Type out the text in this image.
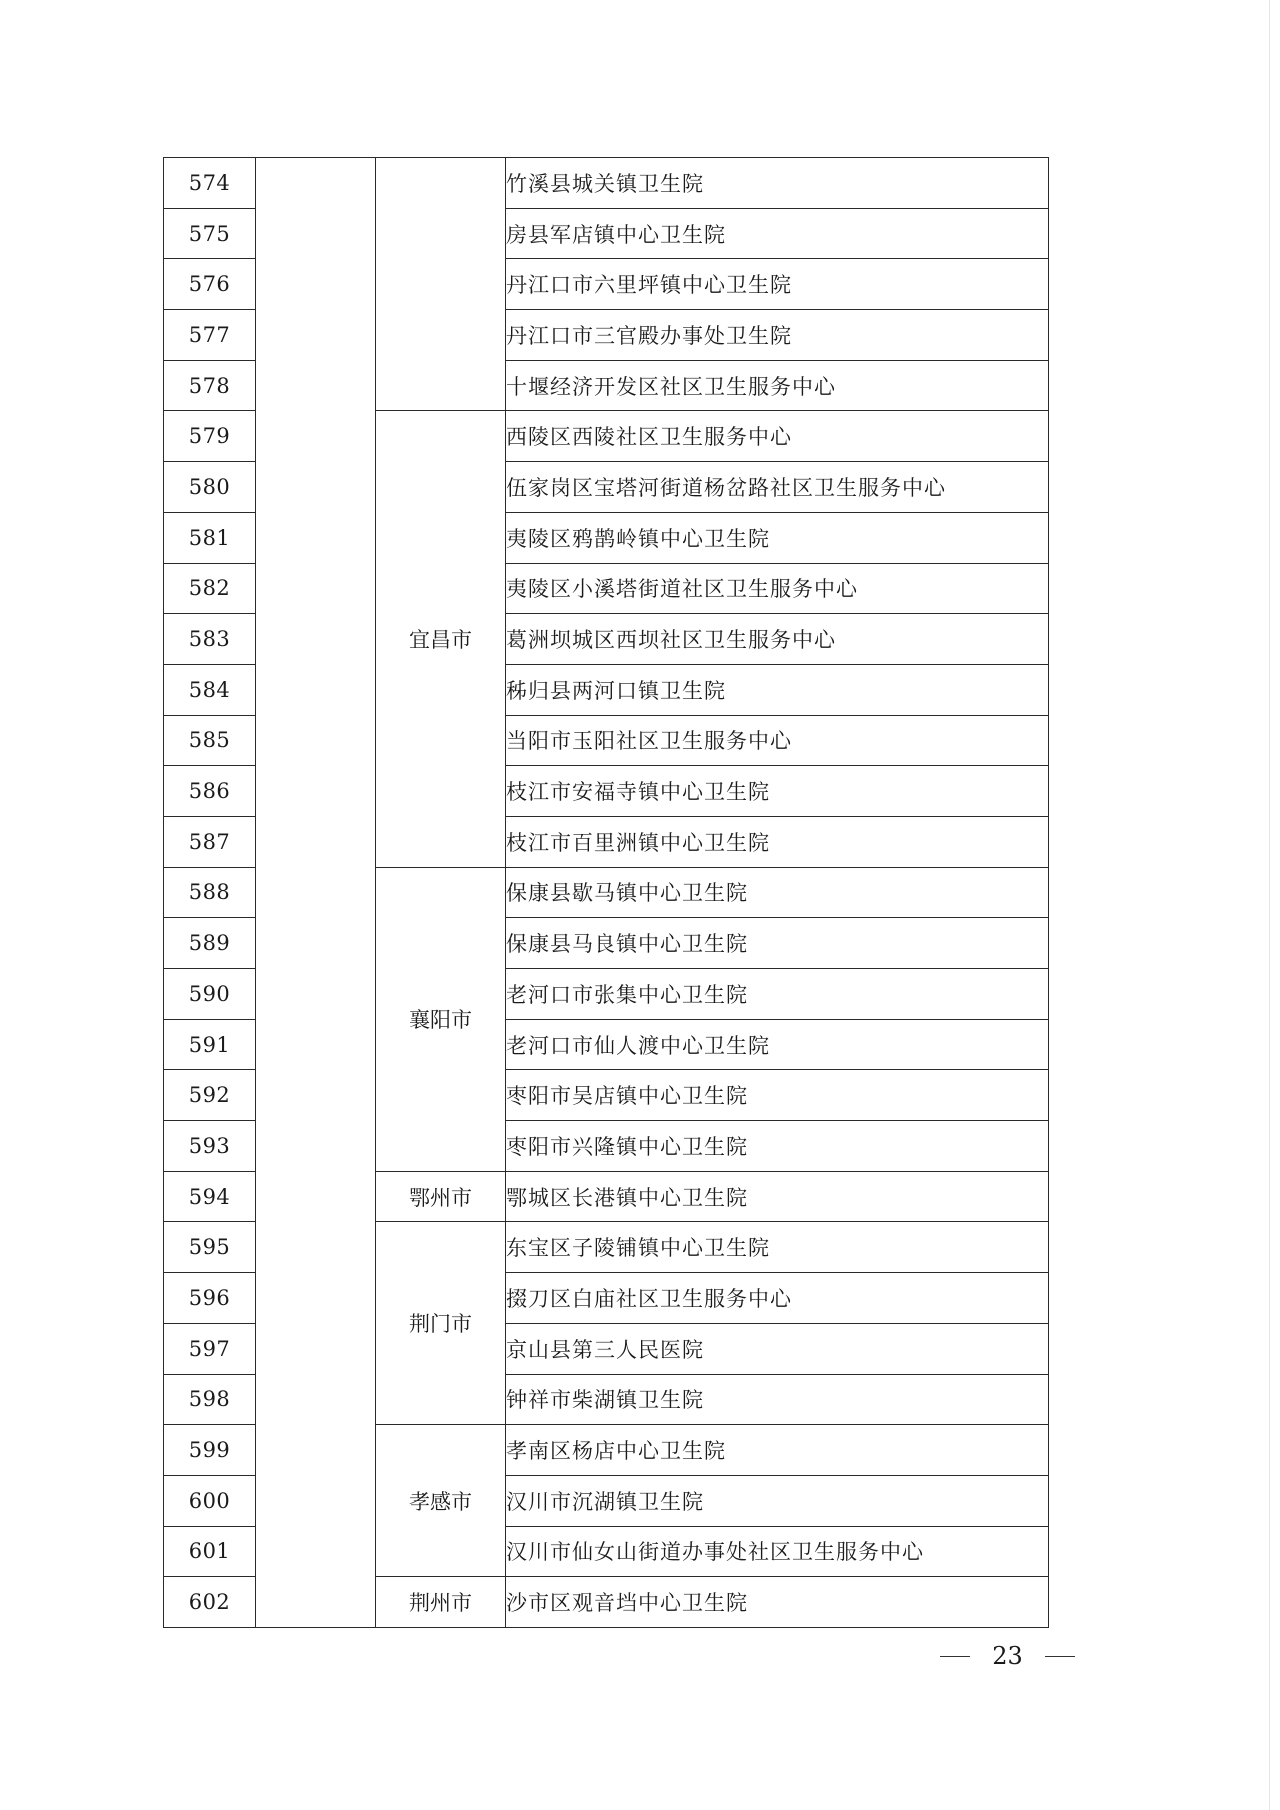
574			竹溪县城关镇卫生院
575			房县军店镇中心卫生院
576			丹江口市六里坪镇中心卫生院
577			丹江口市三官殿办事处卫生院
578			十堰经济开发区社区卫生服务中心
579		宜昌市	西陵区西陵社区卫生服务中心
580			伍家岗区宝塔河街道杨岔路社区卫生服务中心
581			夷陵区鸦鹊岭镇中心卫生院
582			夷陵区小溪塔街道社区卫生服务中心
583			葛洲坝城区西坝社区卫生服务中心
584			秭归县两河口镇卫生院
585			当阳市玉阳社区卫生服务中心
586			枝江市安福寺镇中心卫生院
587			枝江市百里洲镇中心卫生院
588		襄阳市	保康县歇马镇中心卫生院
589			保康县马良镇中心卫生院
590			老河口市张集中心卫生院
591			老河口市仙人渡中心卫生院
592			枣阳市吴店镇中心卫生院
593			枣阳市兴隆镇中心卫生院
594		鄂州市	鄂城区长港镇中心卫生院
595		荆门市	东宝区子陵铺镇中心卫生院
596			掇刀区白庙社区卫生服务中心
597			京山县第三人民医院
598			钟祥市柴湖镇卫生院
599		孝感市	孝南区杨店中心卫生院
600			汉川市沉湖镇卫生院
601			汉川市仙女山街道办事处社区卫生服务中心
602		荆州市	沙市区观音垱中心卫生院
23
